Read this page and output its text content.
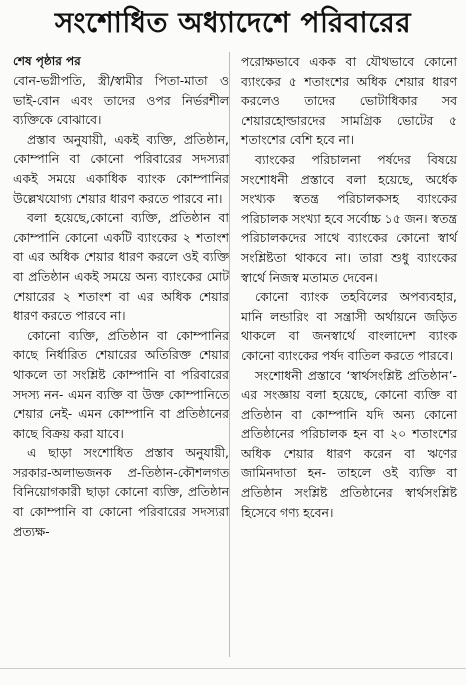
সংশোধিত অধ্যাদেশে পরিবারের
শেষ পৃষ্ঠার পর

বোন-ভগ্নীপতি, স্ত্রী/স্বামীর পিতা-মাতা ও ভাই-বোন এবং তাদের ওপর নির্ভরশীল ব্যক্তিকে বোঝাবে।

প্রস্তাব অনুযায়ী, একই ব্যক্তি, প্রতিষ্ঠান, কোম্পানি বা কোনো পরিবারের সদস্যরা একই সময়ে একাধিক ব্যাংক কোম্পানির উল্লেখযোগ্য শেয়ার ধারণ করতে পারবে না।

বলা হয়েছে,কোনো ব্যক্তি, প্রতিষ্ঠান বা কোম্পানি কোনো একটি ব্যাংকের ২ শতাংশ বা এর অধিক শেয়ার ধারণ করলে ওই ব্যক্তি বা প্রতিষ্ঠান একই সময়ে অন্য ব্যাংকের মোট শেয়ারের ২ শতাংশ বা এর অধিক শেয়ার ধারণ করতে পারবে না।

কোনো ব্যক্তি, প্রতিষ্ঠান বা কোম্পানির কাছে নির্ধারিত শেয়ারের অতিরিক্ত শেয়ার থাকলে তা সংশ্লিষ্ট কোম্পানি বা পরিবারের সদস্য নন- এমন ব্যক্তি বা উক্ত কোম্পানিতে শেয়ার নেই- এমন কোম্পানি বা প্রতিষ্ঠানের কাছে বিক্রয় করা যাবে।

এ ছাড়া সংশোধিত প্রস্তাব অনুযায়ী, সরকার-অলাভজনক প্র-তিষ্ঠান-কৌশলগত বিনিয়োগকারী ছাড়া কোনো ব্যক্তি, প্রতিষ্ঠান বা কোম্পানি বা কোনো পরিবারের সদস্যরা প্রত্যক্ষ-

পরোক্ষভাবে একক বা যৌথভাবে কোনো ব্যাংকের ৫ শতাংশের অধিক শেয়ার ধারণ করলেও তাদের ভোটাধিকার সব শেয়ারহোল্ডারদের সামগ্রিক ভোটের ৫ শতাংশের বেশি হবে না।

ব্যাংকের পরিচালনা পর্ষদের বিষয়ে সংশোধনী প্রস্তাবে বলা হয়েছে, অর্ধেক সংখ্যক স্বতন্ত্র পরিচালকসহ ব্যাংকের পরিচালক সংখ্যা হবে সর্বোচ্চ ১৫ জন। স্বতন্ত্র পরিচালকদের সাথে ব্যাংকের কোনো স্বার্থ সংশ্লিষ্টতা থাকবে না। তারা শুধু ব্যাংকের স্বার্থে নিজস্ব মতামত দেবেন।

কোনো ব্যাংক তহবিলের অপব্যবহার, মানি লন্ডারিং বা সন্ত্রাসী অর্থায়নে জড়িত থাকলে বা জনস্বার্থে বাংলাদেশ ব্যাংক কোনো ব্যাংকের পর্ষদ বাতিল করতে পারবে।

সংশোধনী প্রস্তাবে ‘স্বার্থসংশ্লিষ্ট প্রতিষ্ঠান’-এর সংজ্ঞায় বলা হয়েছে, কোনো ব্যক্তি বা প্রতিষ্ঠান বা কোম্পানি যদি অন্য কোনো প্রতিষ্ঠানের পরিচালক হন বা ২০ শতাংশের অধিক শেয়ার ধারণ করেন বা ঋণের জামিনদাতা হন- তাহলে ওই ব্যক্তি বা প্রতিষ্ঠান সংশ্লিষ্ট প্রতিষ্ঠানের স্বার্থসংশ্লিষ্ট হিসেবে গণ্য হবেন।
